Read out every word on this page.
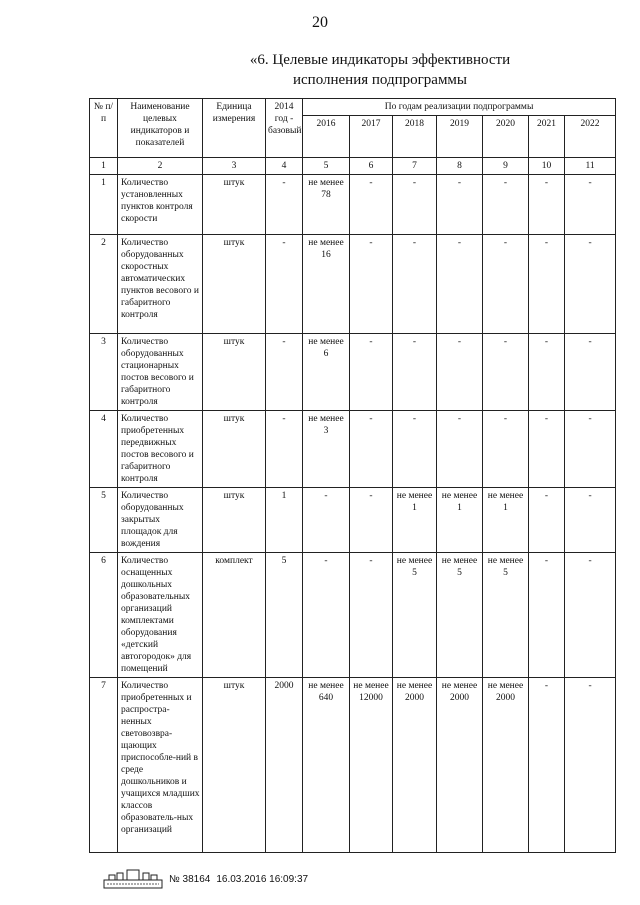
20
«6. Целевые индикаторы эффективности
исполнения подпрограммы
№ п/п	Наименование целевых индикаторов и показателей	Единица измерения	2014 год - базовый	По годам реализации подпрограммы						
				2016	2017	2018	2019	2020	2021	2022
1	2	3	4	5	6	7	8	9	10	11
1	Количество установленных пунктов контроля скорости	штук	-	не менее 78	-	-	-	-	-	-
2	Количество оборудованных скоростных автоматических пунктов весового и габаритного контроля	штук	-	не менее 16	-	-	-	-	-	-
3	Количество оборудованных стационарных постов весового и габаритного контроля	штук	-	не менее 6	-	-	-	-	-	-
4	Количество приобретенных передвижных постов весового и габаритного контроля	штук	-	не менее 3	-	-	-	-	-	-
5	Количество оборудованных закрытых площадок для вождения	штук	1	-	-	не менее 1	не менее 1	не менее 1	-	-
6	Количество оснащенных дошкольных образовательных организаций комплектами оборудования «детский автогородок» для помещений	комплект	5	-	-	не менее 5	не менее 5	не менее 5	-	-
7	Количество приобретенных и распростра-ненных световозвра-щающих приспособле-ний в среде дошкольников и учащихся младших классов образователь-ных организаций	штук	2000	не менее 640	не менее 12000	не менее 2000	не менее 2000	не менее 2000	-	-
№ 38164 16.03.2016 16:09:37
